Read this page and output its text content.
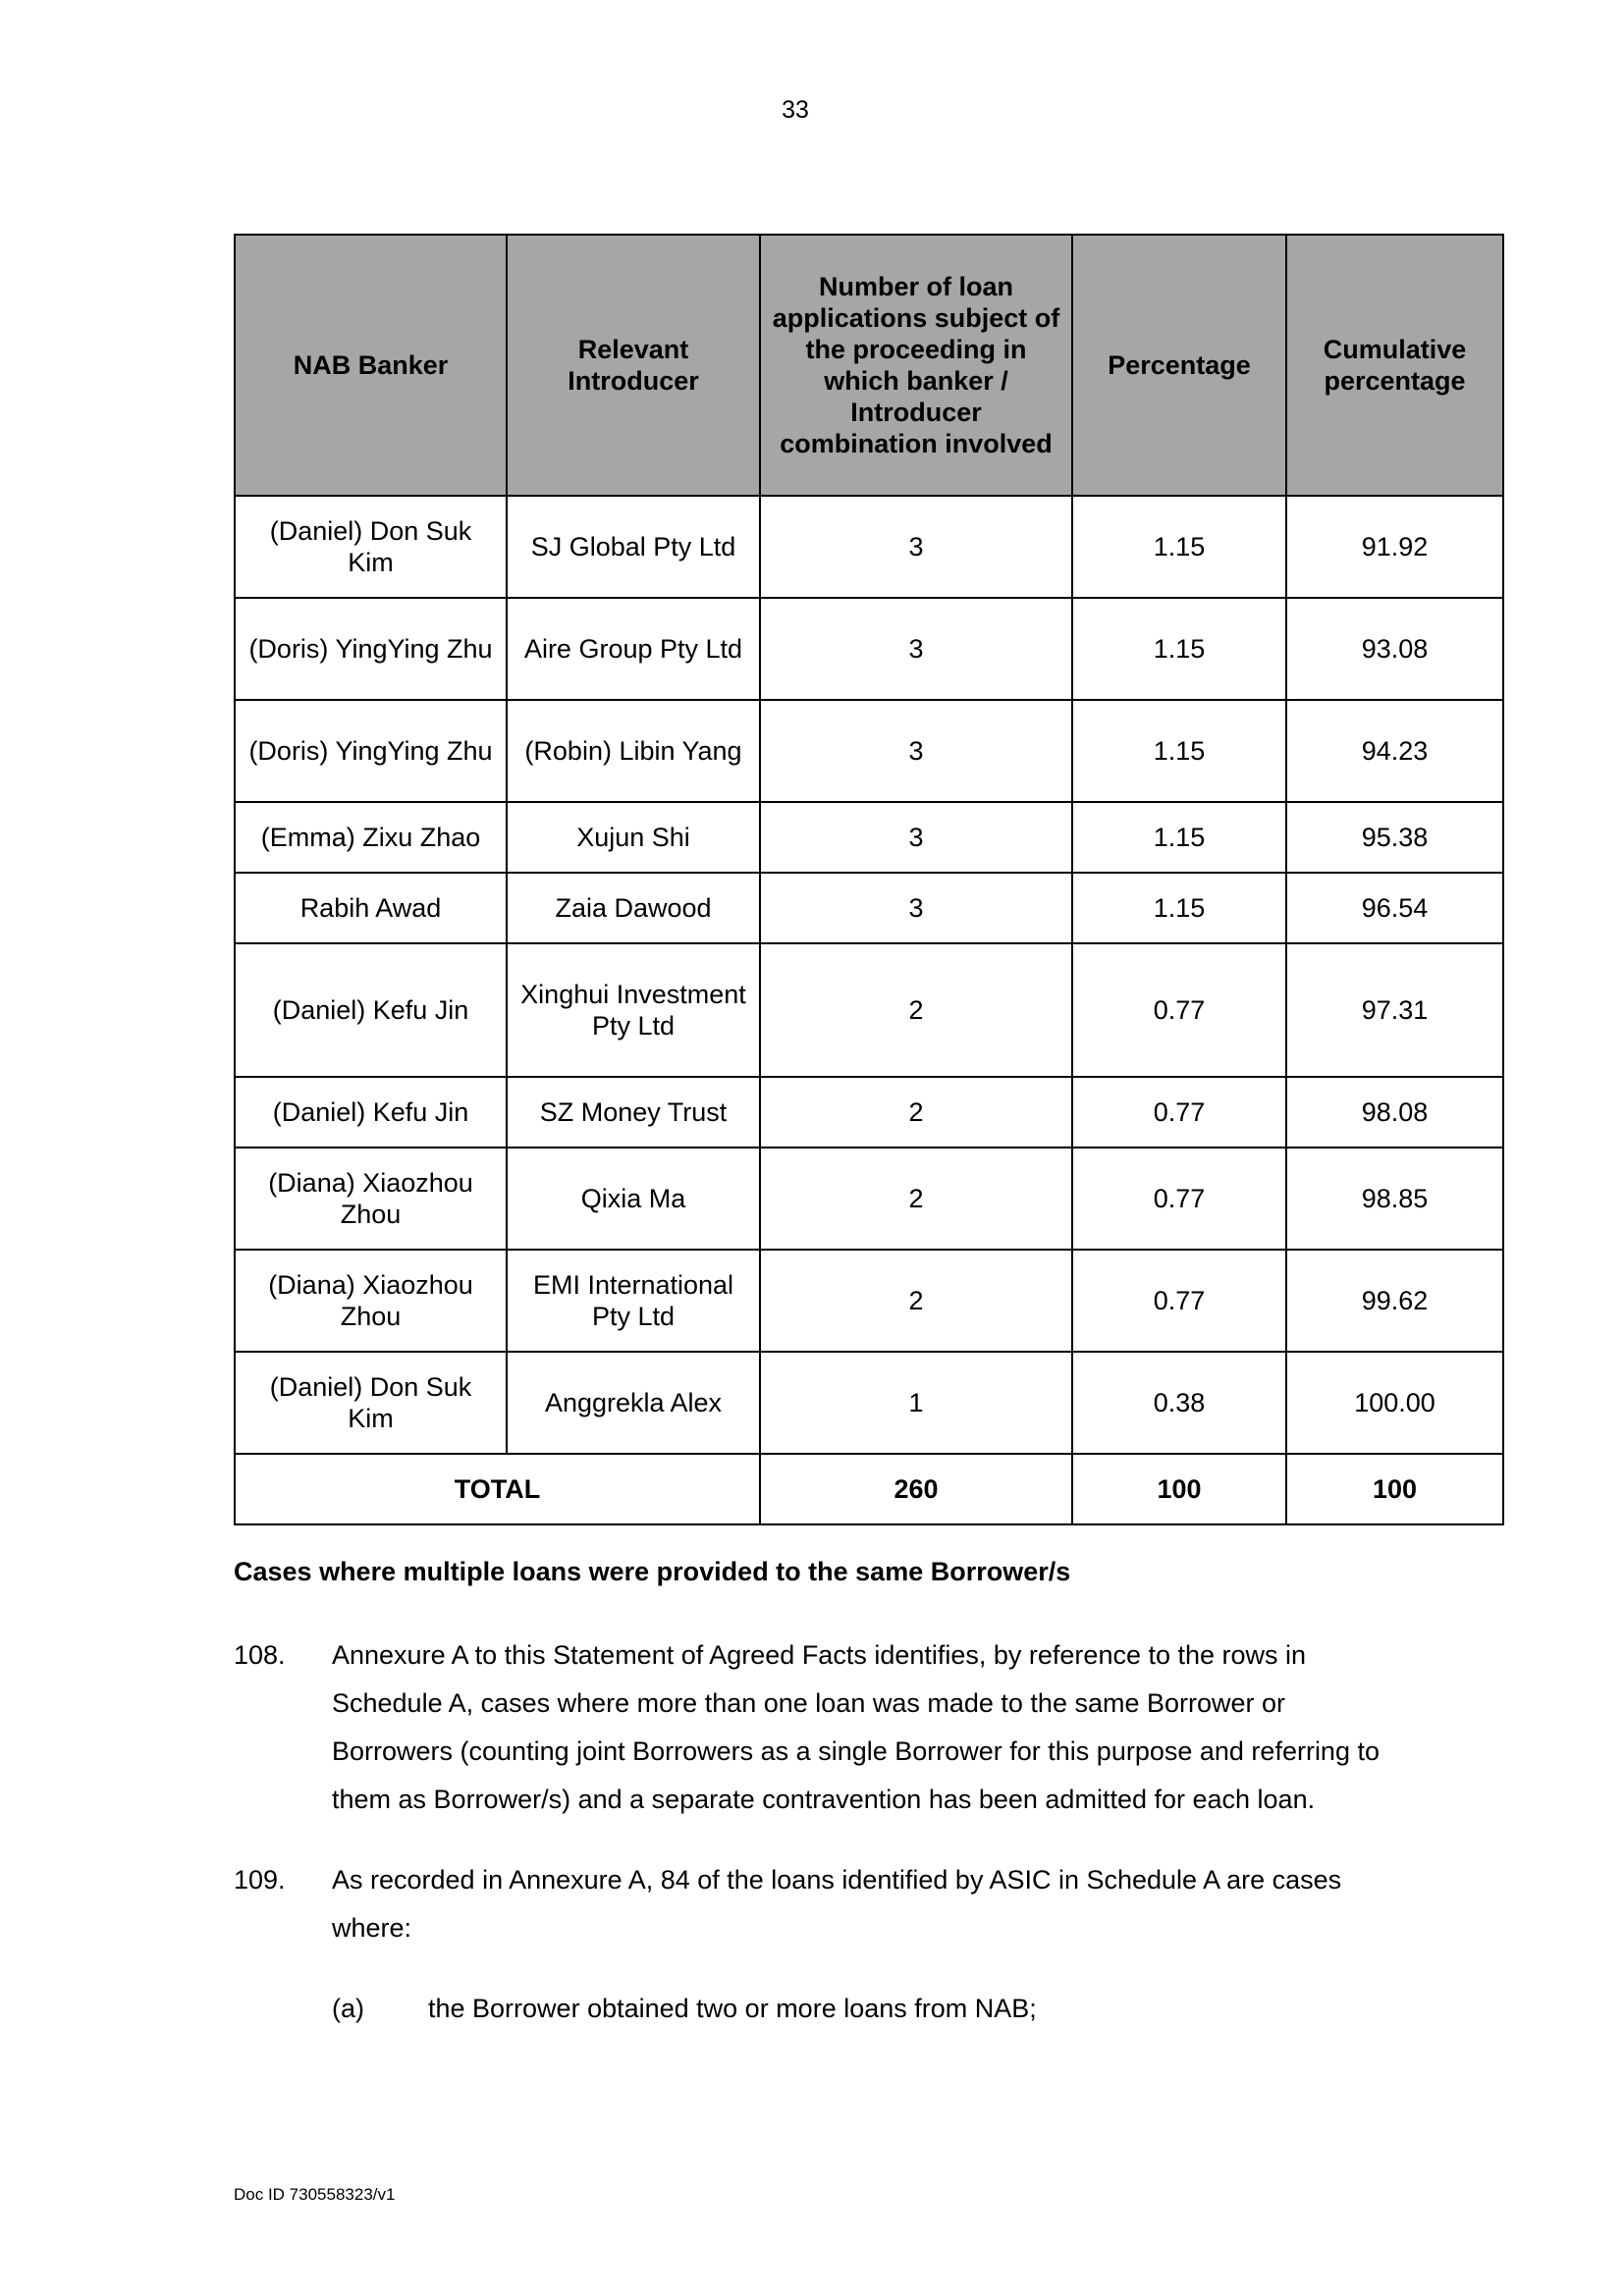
33
NAB Banker	Relevant Introducer	Number of loan applications subject of the proceeding in which banker / Introducer combination involved	Percentage	Cumulative percentage
(Daniel) Don Suk Kim	SJ Global Pty Ltd	3	1.15	91.92
(Doris) YingYing Zhu	Aire Group Pty Ltd	3	1.15	93.08
(Doris) YingYing Zhu	(Robin) Libin Yang	3	1.15	94.23
(Emma) Zixu Zhao	Xujun Shi	3	1.15	95.38
Rabih Awad	Zaia Dawood	3	1.15	96.54
(Daniel) Kefu Jin	Xinghui Investment Pty Ltd	2	0.77	97.31
(Daniel) Kefu Jin	SZ Money Trust	2	0.77	98.08
(Diana) Xiaozhou Zhou	Qixia Ma	2	0.77	98.85
(Diana) Xiaozhou Zhou	EMI International Pty Ltd	2	0.77	99.62
(Daniel) Don Suk Kim	Anggrekla Alex	1	0.38	100.00
TOTAL		260	100	100
Cases where multiple loans were provided to the same Borrower/s
108. Annexure A to this Statement of Agreed Facts identifies, by reference to the rows in Schedule A, cases where more than one loan was made to the same Borrower or Borrowers (counting joint Borrowers as a single Borrower for this purpose and referring to them as Borrower/s) and a separate contravention has been admitted for each loan.
109. As recorded in Annexure A, 84 of the loans identified by ASIC in Schedule A are cases where:
(a) the Borrower obtained two or more loans from NAB;
Doc ID 730558323/v1
